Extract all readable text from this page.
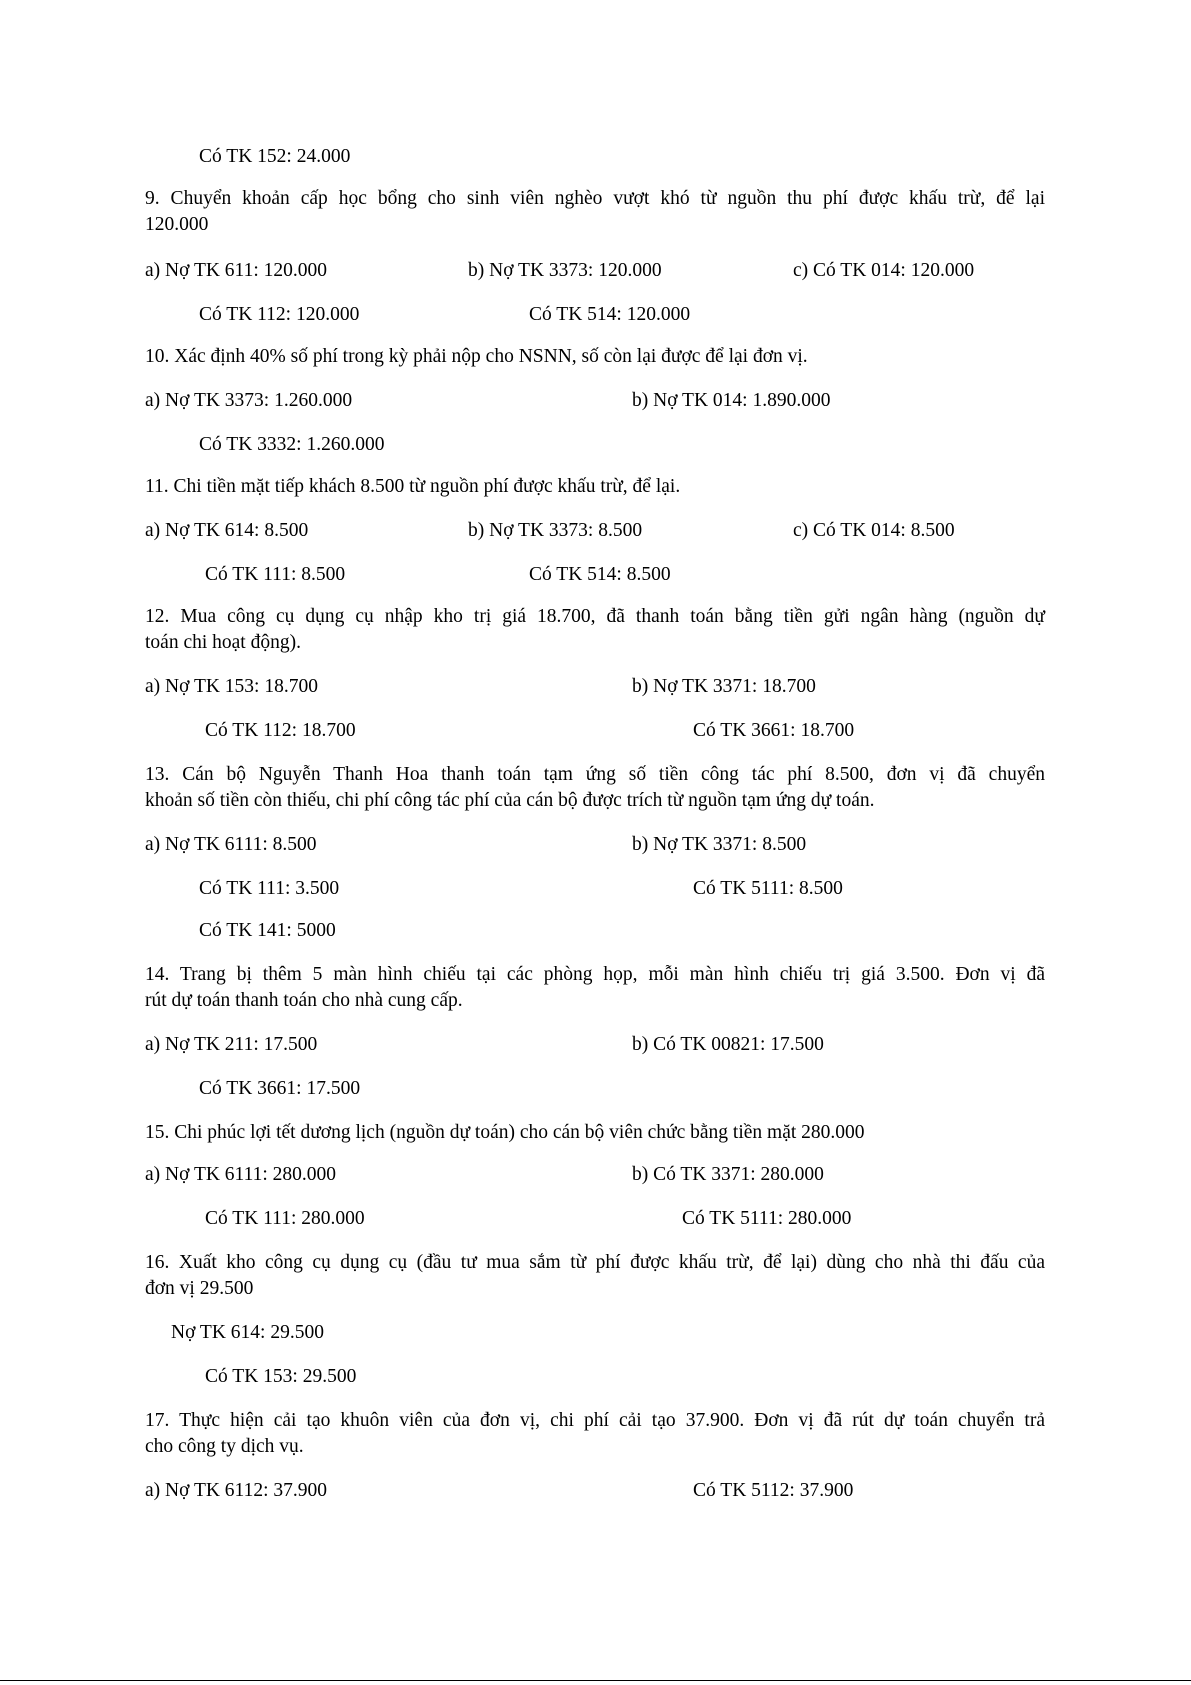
Có TK 152: 24.000

9. Chuyển khoản cấp học bổng cho sinh viên nghèo vượt khó từ nguồn thu phí được khấu trừ, để lại
120.000

a) Nợ TK 611: 120.000

Có TK 112: 120.000

b) Nợ TK 3373: 120.000

Có TK 514: 120.000

c) Có TK 014: 120.000

10. Xác định 40% số phí trong kỳ phải nộp cho NSNN, số còn lại được để lại đơn vị.

a) Nợ TK 3373: 1.260.000

Có TK 3332: 1.260.000

b) Nợ TK 014: 1.890.000

11. Chi tiền mặt tiếp khách 8.500 từ nguồn phí được khấu trừ, để lại.

a) Nợ TK 614: 8.500

Có TK 111: 8.500

b) Nợ TK 3373: 8.500

Có TK 514: 8.500

c) Có TK 014: 8.500

12. Mua công cụ dụng cụ nhập kho trị giá 18.700, đã thanh toán bằng tiền gửi ngân hàng (nguồn dự
toán chi hoạt động).

a) Nợ TK 153: 18.700

Có TK 112: 18.700

b) Nợ TK 3371: 18.700

Có TK 3661: 18.700

13. Cán bộ Nguyễn Thanh Hoa thanh toán tạm ứng số tiền công tác phí 8.500, đơn vị đã chuyển
khoản số tiền còn thiếu, chi phí công tác phí của cán bộ được trích từ nguồn tạm ứng dự toán.

a) Nợ TK 6111: 8.500

Có TK 111: 3.500

Có TK 141: 5000

b) Nợ TK 3371: 8.500

Có TK 5111: 8.500

14. Trang bị thêm 5 màn hình chiếu tại các phòng họp, mỗi màn hình chiếu trị giá 3.500. Đơn vị đã
rút dự toán thanh toán cho nhà cung cấp.

a) Nợ TK 211: 17.500

Có TK 3661: 17.500

b) Có TK 00821: 17.500

15. Chi phúc lợi tết dương lịch (nguồn dự toán) cho cán bộ viên chức bằng tiền mặt 280.000

a) Nợ TK 6111: 280.000

Có TK 111: 280.000

b) Có TK 3371: 280.000

Có TK 5111: 280.000

16. Xuất kho công cụ dụng cụ (đầu tư mua sắm từ phí được khấu trừ, để lại) dùng cho nhà thi đấu của
đơn vị 29.500

Nợ TK 614: 29.500

Có TK 153: 29.500

17. Thực hiện cải tạo khuôn viên của đơn vị, chi phí cải tạo 37.900. Đơn vị đã rút dự toán chuyển trả
cho công ty dịch vụ.

a) Nợ TK 6112: 37.900	Có TK 5112: 37.900
